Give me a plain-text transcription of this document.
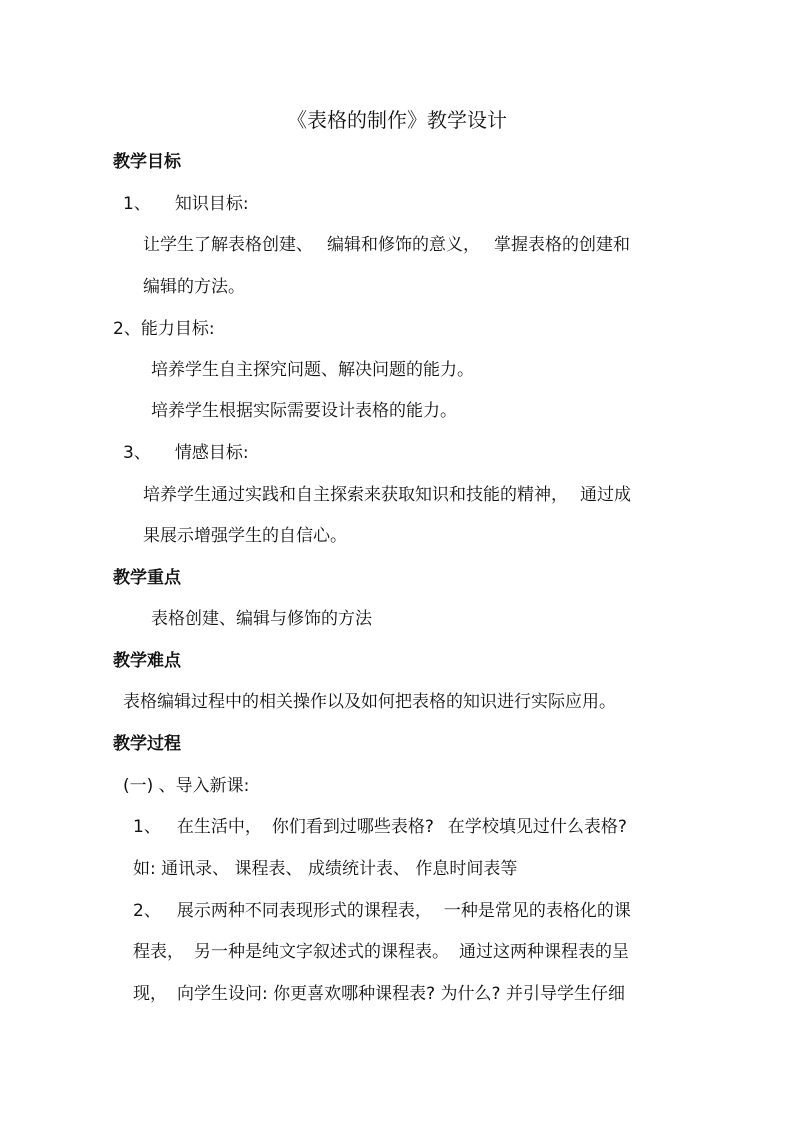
《表格的制作》教学设计
教学目标
1、 知识目标:
让学生了解表格创建、 编辑和修饰的意义， 掌握表格的创建和
编辑的方法。
2、能力目标:
培养学生自主探究问题、解决问题的能力。
培养学生根据实际需要设计表格的能力。
3、 情感目标:
培养学生通过实践和自主探索来获取知识和技能的精神， 通过成
果展示增强学生的自信心。
教学重点
表格创建、编辑与修饰的方法
教学难点
表格编辑过程中的相关操作以及如何把表格的知识进行实际应用。
教学过程
(一) 、导入新课:
1、 在生活中， 你们看到过哪些表格? 在学校填见过什么表格?
如: 通讯录、 课程表、 成绩统计表、 作息时间表等
2、 展示两种不同表现形式的课程表， 一种是常见的表格化的课
程表， 另一种是纯文字叙述式的课程表。 通过这两种课程表的呈
现， 向学生设问: 你更喜欢哪种课程表? 为什么? 并引导学生仔细
